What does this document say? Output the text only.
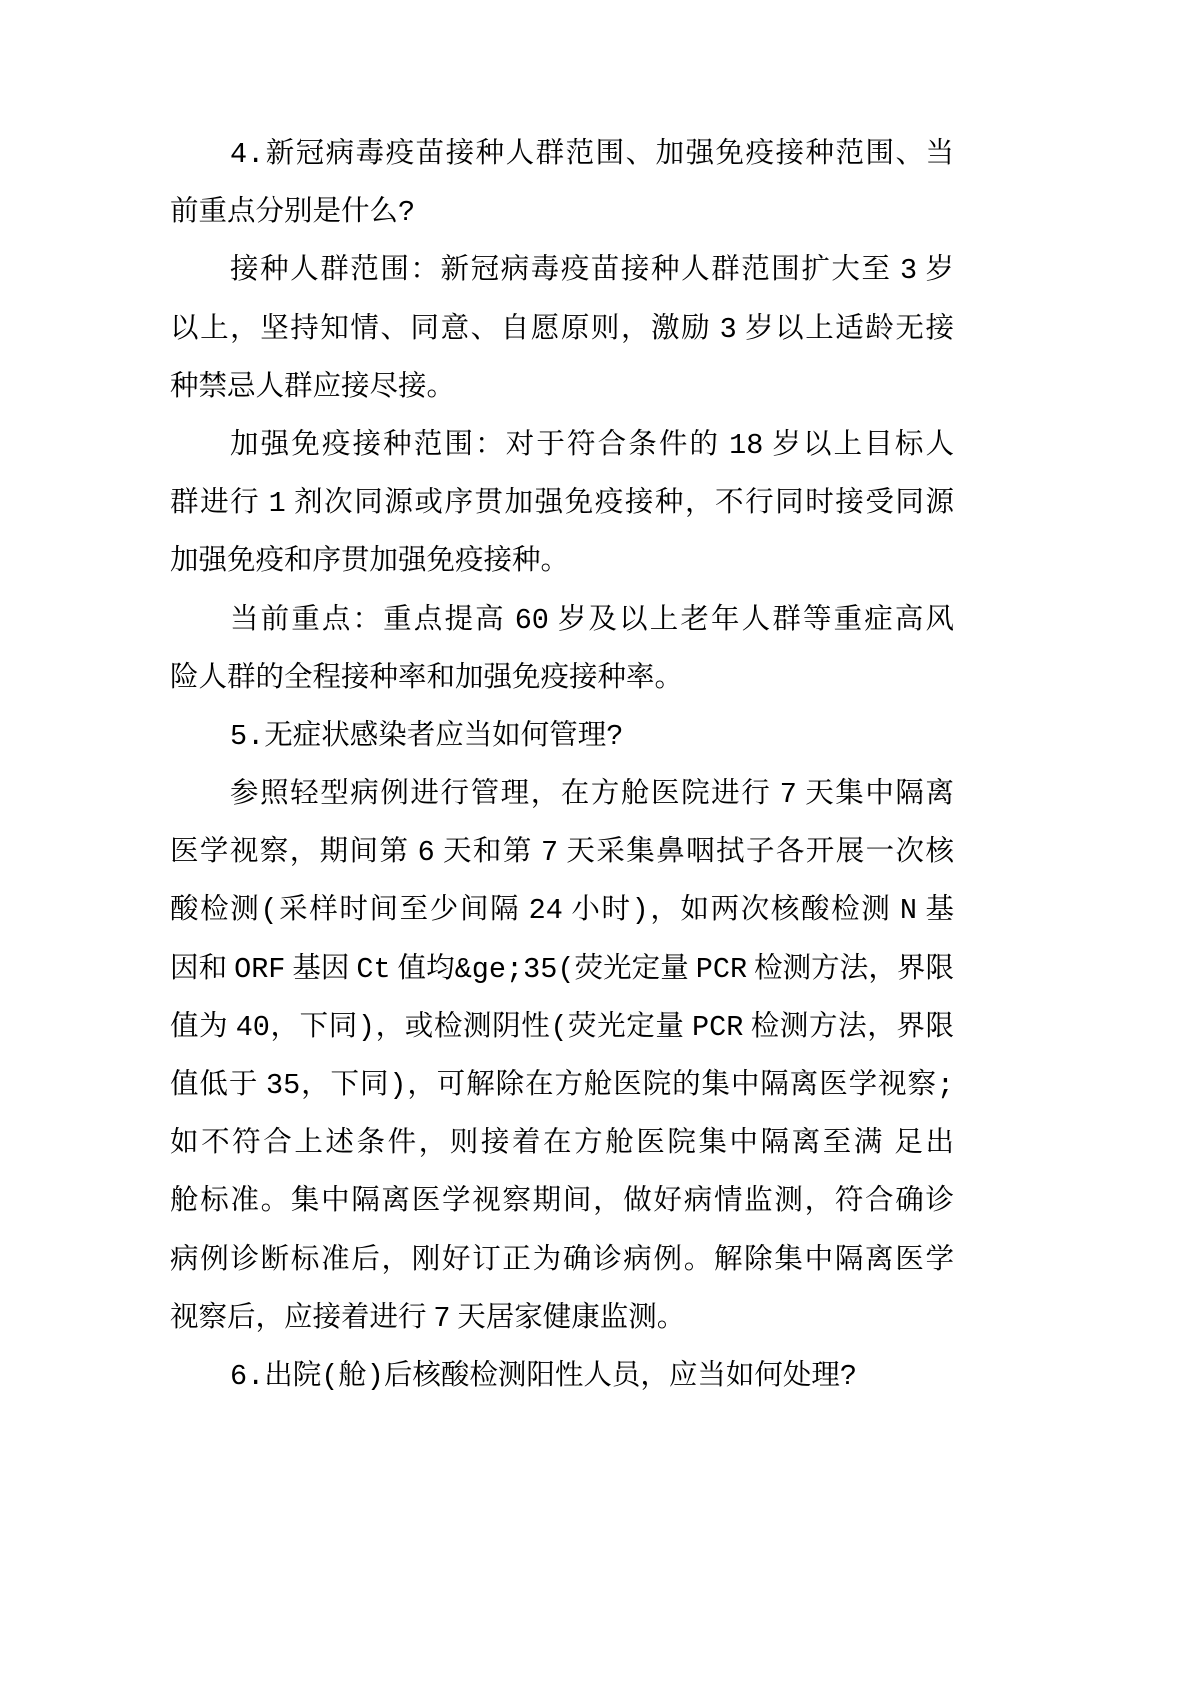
4.新冠病毒疫苗接种人群范围、加强免疫接种范围、当
前重点分别是什么?
接种人群范围：新冠病毒疫苗接种人群范围扩大至 3 岁
以上，坚持知情、同意、自愿原则，激励 3 岁以上适龄无接
种禁忌人群应接尽接。
加强免疫接种范围：对于符合条件的 18 岁以上目标人
群进行 1 剂次同源或序贯加强免疫接种，不行同时接受同源
加强免疫和序贯加强免疫接种。
当前重点：重点提高 60 岁及以上老年人群等重症高风
险人群的全程接种率和加强免疫接种率。
5.无症状感染者应当如何管理?
参照轻型病例进行管理，在方舱医院进行 7 天集中隔离
医学视察，期间第 6 天和第 7 天采集鼻咽拭子各开展一次核
酸检测(采样时间至少间隔 24 小时)，如两次核酸检测 N 基
因和 ORF 基因 Ct 值均&ge;35(荧光定量 PCR 检测方法，界限
值为 40，下同)，或检测阴性(荧光定量 PCR 检测方法，界限
值低于 35，下同)，可解除在方舱医院的集中隔离医学视察;
如不符合上述条件，则接着在方舱医院集中隔离至满 足出
舱标准。集中隔离医学视察期间，做好病情监测，符合确诊
病例诊断标准后，刚好订正为确诊病例。解除集中隔离医学
视察后，应接着进行 7 天居家健康监测。
6.出院(舱)后核酸检测阳性人员，应当如何处理?
